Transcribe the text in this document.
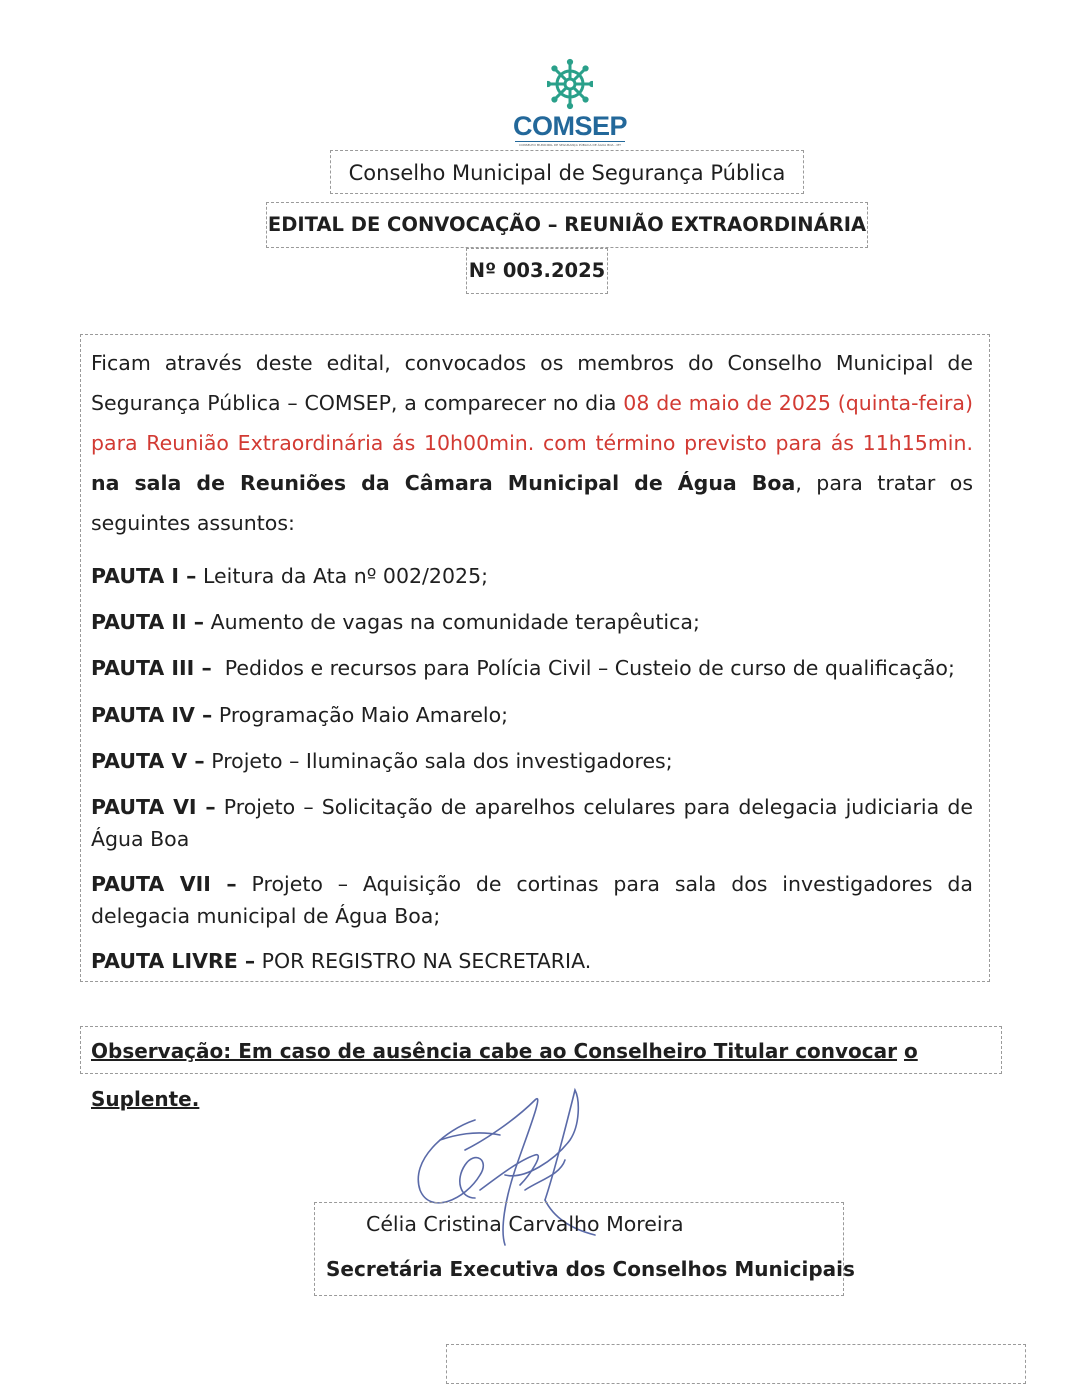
COMSEP
CONSELHO MUNICIPAL DE SEGURANÇA PÚBLICA DE ÁGUA BOA - MT
Conselho Municipal de Segurança Pública
EDITAL DE CONVOCAÇÃO – REUNIÃO EXTRAORDINÁRIA
Nº 003.2025
Ficam através deste edital, convocados os membros do Conselho Municipal de Segurança Pública – COMSEP, a comparecer no dia 08 de maio de 2025 (quinta-feira) para Reunião Extraordinária ás 10h00min. com término previsto para ás 11h15min. na sala de Reuniões da Câmara Municipal de Água Boa, para tratar os seguintes assuntos:
PAUTA I – Leitura da Ata nº 002/2025;
PAUTA II – Aumento de vagas na comunidade terapêutica;
PAUTA III –  Pedidos e recursos para Polícia Civil – Custeio de curso de qualificação;
PAUTA IV – Programação Maio Amarelo;
PAUTA V – Projeto – Iluminação sala dos investigadores;
PAUTA VI – Projeto – Solicitação de aparelhos celulares para delegacia judiciaria de Água Boa
PAUTA VII – Projeto – Aquisição de cortinas para sala dos investigadores da delegacia municipal de Água Boa;
PAUTA LIVRE – POR REGISTRO NA SECRETARIA.
Observação: Em caso de ausência cabe ao Conselheiro Titular convocar o Suplente.
Célia Cristina Carvalho Moreira
Secretária Executiva dos Conselhos Municipais
